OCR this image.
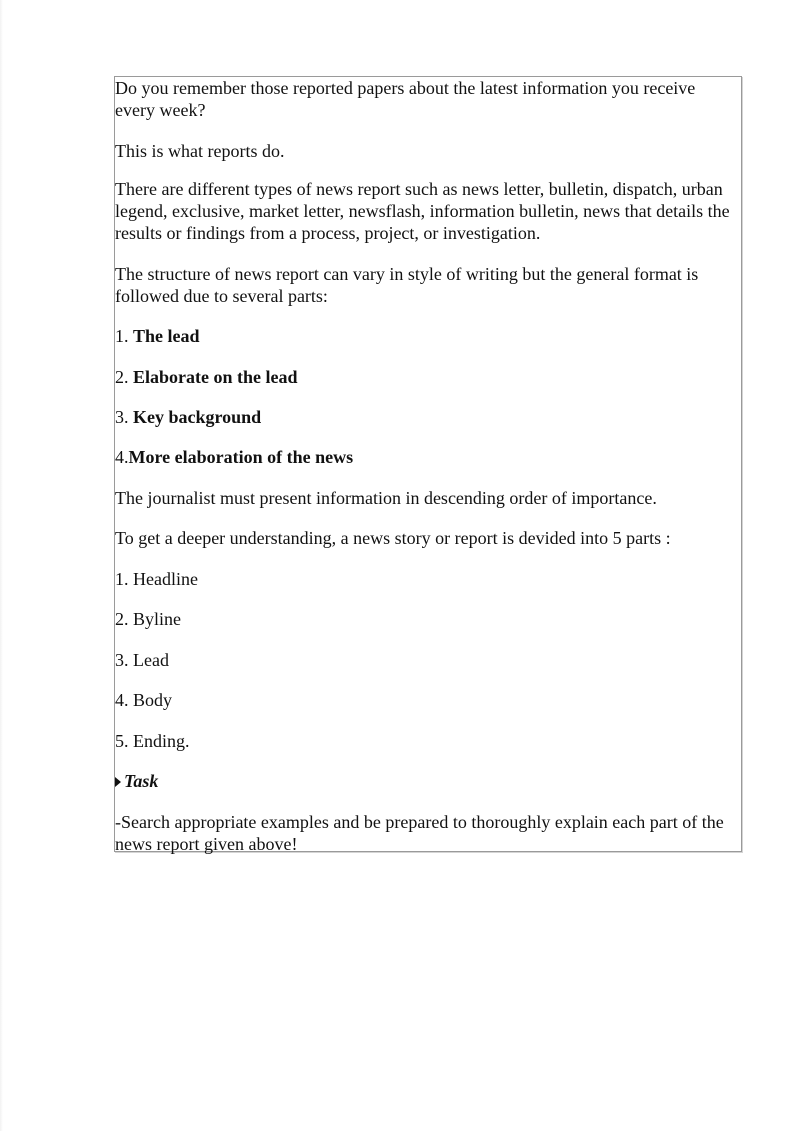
Do you remember those reported papers about the latest information you receive every week?

This is what reports do.

There are different types of news report such as news letter, bulletin, dispatch, urban legend, exclusive, market letter, newsflash, information bulletin, news that details the results or findings from a process, project, or investigation.

The structure of news report can vary in style of writing but the general format is followed due to several parts:

1. The lead

2. Elaborate on the lead

3. Key background

4.More elaboration of the news

The journalist must present information in descending order of importance.

To get a deeper understanding, a news story or report is devided into 5 parts :

1. Headline

2. Byline

3. Lead

4. Body

5. Ending.

Task

-Search appropriate examples and be prepared to thoroughly explain each part of the news report given above!
